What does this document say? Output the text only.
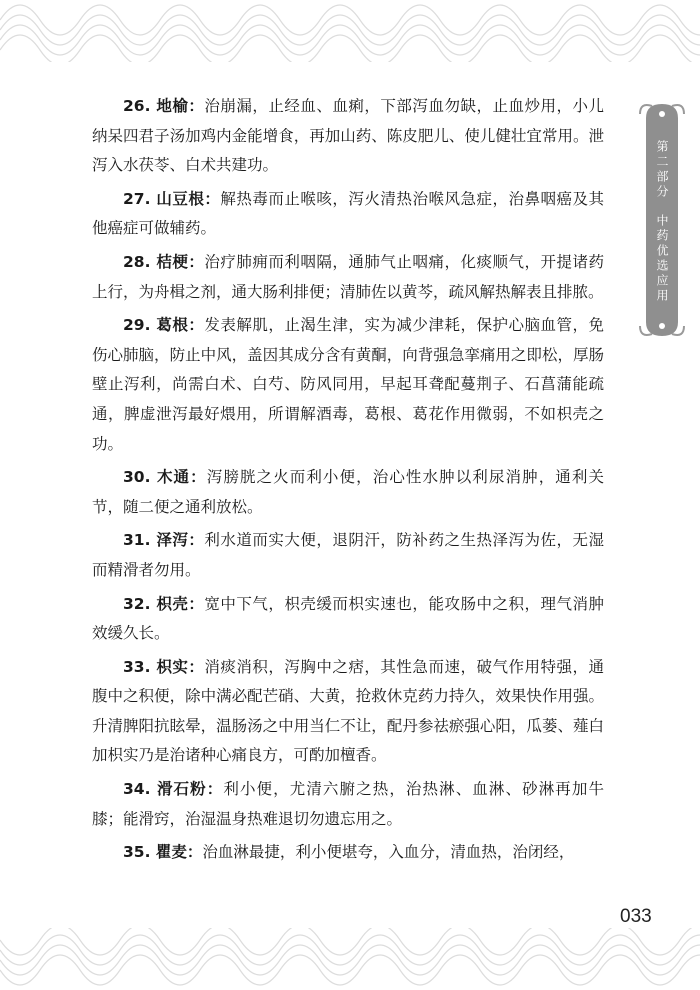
第二部分中药优选应用

26. 地榆：治崩漏，止经血、血痢，下部泻血勿缺，止血炒用，小儿纳呆四君子汤加鸡内金能增食，再加山药、陈皮肥儿、使儿健壮宜常用。泄泻入水茯苓、白术共建功。

27. 山豆根：解热毒而止喉咳，泻火清热治喉风急症，治鼻咽癌及其他癌症可做辅药。

28. 桔梗：治疗肺痈而利咽隔，通肺气止咽痛，化痰顺气，开提诸药上行，为舟楫之剂，通大肠利排便；清肺佐以黄芩，疏风解热解表且排脓。

29. 葛根：发表解肌，止渴生津，实为减少津耗，保护心脑血管，免伤心肺脑，防止中风，盖因其成分含有黄酮，向背强急挛痛用之即松，厚肠壁止泻利，尚需白术、白芍、防风同用，早起耳聋配蔓荆子、石菖蒲能疏通，脾虚泄泻最好煨用，所谓解酒毒，葛根、葛花作用微弱，不如枳壳之功。

30. 木通：泻膀胱之火而利小便，治心性水肿以利尿消肿，通利关节，随二便之通利放松。

31. 泽泻：利水道而实大便，退阴汗，防补药之生热泽泻为佐，无湿而精滑者勿用。

32. 枳壳：宽中下气，枳壳缓而枳实速也，能攻肠中之积，理气消肿效缓久长。

33. 枳实：消痰消积，泻胸中之痞，其性急而速，破气作用特强，通腹中之积便，除中满必配芒硝、大黄，抢救休克药力持久，效果快作用强。升清脾阳抗眩晕，温肠汤之中用当仁不让，配丹参祛瘀强心阳，瓜蒌、薤白加枳实乃是治诸种心痛良方，可酌加檀香。

34. 滑石粉：利小便，尤清六腑之热，治热淋、血淋、砂淋再加牛膝；能滑窍，治湿温身热难退切勿遗忘用之。

35. 瞿麦：治血淋最捷，利小便堪夸，入血分，清血热，治闭经，

033
